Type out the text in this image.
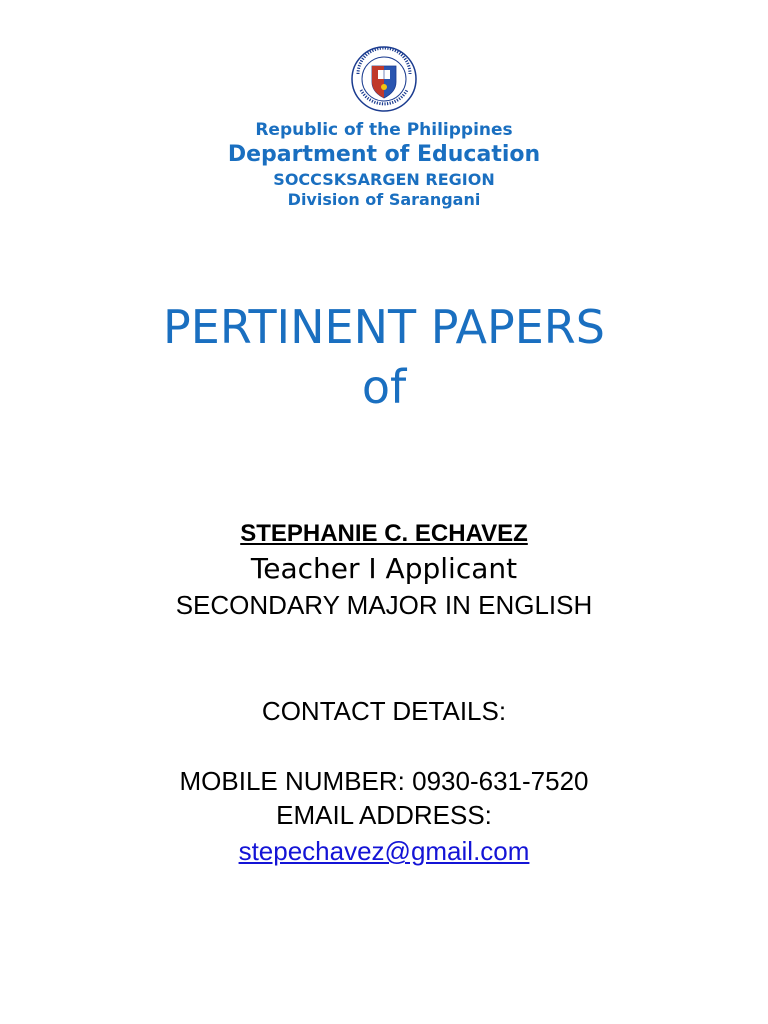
Republic of the Philippines

Department of Education

SOCCSKSARGEN REGION

Division of Sarangani

PERTINENT PAPERS

of

STEPHANIE C. ECHAVEZ

Teacher I Applicant

SECONDARY MAJOR IN ENGLISH

CONTACT DETAILS:

MOBILE NUMBER: 0930-631-7520

EMAIL ADDRESS:

stepechavez@gmail.com
